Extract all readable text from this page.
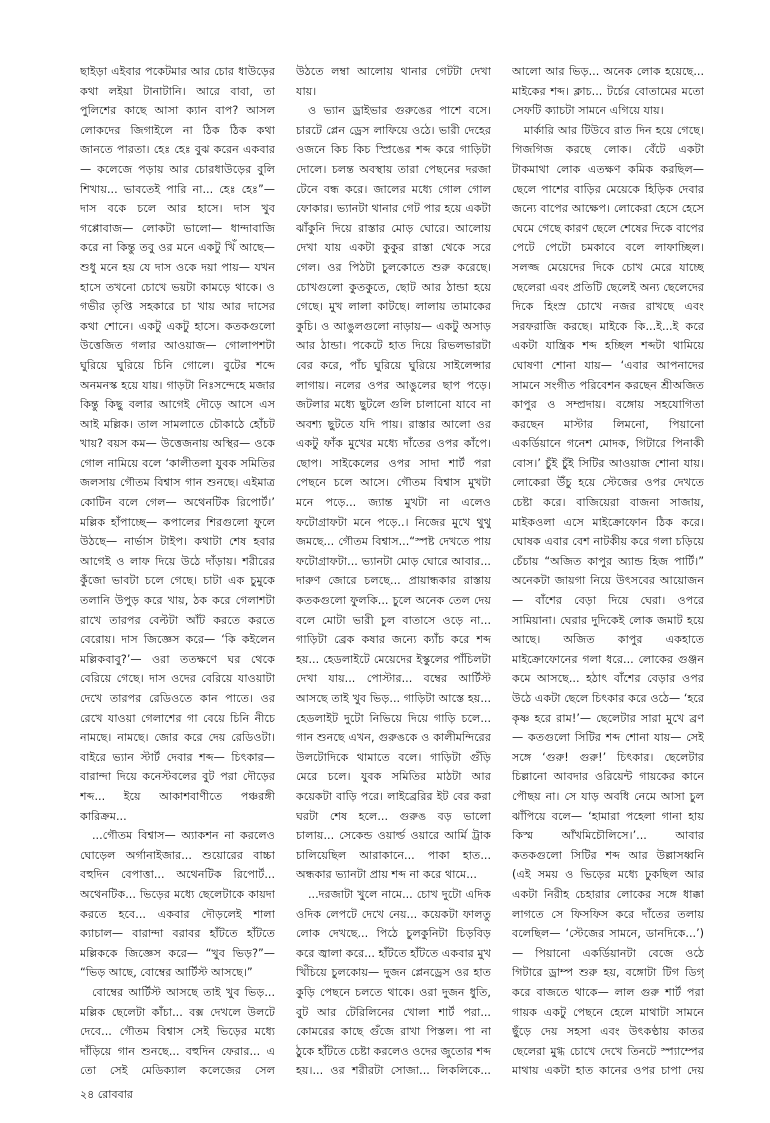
ছাইড়া এইবার পকেটমার আর চোর ধাউড়ের কথা লইয়া টানাটানি। আরে বাবা, তা পুলিশের কাছে আসা ক্যান বাপ? আসল লোকদের জিগাইলে না ঠিক ঠিক কথা জানতে পারতা। হেঃ হেঃ বুঝ করেন একবার— কলেজে পড়ায় আর চোরধাউড়ের বুলি শিখায়... ভাবতেই পারি না... হেঃ হেঃ”— দাস বকে চলে আর হাসে। দাস খুব গপ্পোবাজ— লোকটা ভালো— ধান্দাবাজি করে না কিন্তু তবু ওর মনে একটু খিঁ আছে— শুধু মনে হয় যে দাস ওকে দয়া পায়— যখন হাসে তখনো চোখে ভয়টা কামড়ে থাকে। ও গভীর তৃপ্তি সহকারে চা খায় আর দাসের কথা শোনে। একটু একটু হাসে। কতকগুলো উত্তেজিত গলার আওয়াজ— গোলাপশটা ঘুরিয়ে ঘুরিয়ে চিনি গোলে। বুটের শব্দে অনমনস্ক হয়ে যায়। গাড়টা নিঃসন্দেহে মজার কিন্তু কিছু বলার আগেই দৌড়ে আসে এস আই মল্লিক। তাল সামলাতে চৌকাঠে হোঁচট খায়? বয়স কম— উত্তেজনায় অস্থির— ওকে গোল নামিয়ে বলে ‘কালীতলা যুবক সমিতির জলসায় গৌতম বিশ্বাস গান শুনছে। এইমাত্র কোটিন বলে গেল— অথেনটিক রিপোর্ট।’ মল্লিক হাঁপাচ্ছে— কপালের শিরগুলো ফুলে উঠছে— নার্ভাস টাইপ। কথাটা শেষ হবার আগেই ও লাফ দিয়ে উঠে দাঁড়ায়। শরীরের কুঁজো ভাবটা চলে গেছে। চাটা এক চুমুকে তলানি উপুড় করে খায়, ঠক করে গেলাশটা রাখে তারপর বেল্টটা আঁট করতে করতে বেরোয়। দাস জিজ্ঞেস করে— ‘কি কইলেন মল্লিকবাবু?’— ওরা ততক্ষণে ঘর থেকে বেরিয়ে গেছে। দাস ওদের বেরিয়ে যাওয়াটা দেখে তারপর রেডিওতে কান পাতে। ওর রেখে যাওয়া গেলাশের গা বেয়ে চিনি নীচে নামছে। নামছে। জোর করে দেয় রেডিওটা। বাইরে ভ্যান স্টার্ট দেবার শব্দ— চিৎকার— বারান্দা দিয়ে কনেস্টবলের বুট পরা দৌড়ের শব্দ... ইয়ে আকাশবাণীতে পঞ্চরঙ্গী কারিক্রম...

...গৌতম বিশ্বাস— অ্যাকশন না করলেও ঘোড়েল অর্গানাইজার... শুয়োরের বাচ্চা বহুদিন বেপাত্তা... অথেনটিক রিপোর্ট... অথেনটিক... ভিড়ের মধ্যে ছেলেটাকে কায়দা করতে হবে... একবার দৌড়লেই শালা ক্যাচাল— বারান্দা বরাবর হাঁটতে হাঁটতে মল্লিককে জিজ্ঞেস করে— “খুব ভিড়?”— “ভিড় আছে, বোম্বের আর্টিস্ট আসছে।”

বোম্বের আর্টিস্ট আসছে তাই খুব ভিড়... মল্লিক ছেলেটা কাঁচা... বক্স দেখলে উলটে দেবে... গৌতম বিশ্বাস সেই ভিড়ের মধ্যে দাঁড়িয়ে গান শুনছে... বহুদিন ফেরার... এ তো সেই মেডিক্যাল কলেজের সেল

উঠতে লম্বা আলোয় থানার গেটটা দেখা যায়।

ও ভ্যান ড্রাইভার গুরুঙের পাশে বসে। চারটে প্লেন ড্রেস লাফিয়ে ওঠে। ভারী দেহের ওজনে কিচ কিচ স্প্রিঙের শব্দ করে গাড়িটা দোলে। চলন্ত অবস্থায় তারা পেছনের দরজা টেনে বন্ধ করে। জালের মধ্যে গোল গোল ফোকার। ভ্যানটা থানার গেট পার হয়ে একটা ঝাঁকুনি দিয়ে রাস্তার মোড় ঘোরে। আলোয় দেখা যায় একটা কুকুর রাস্তা থেকে সরে গেল। ওর পিঠটা চুলকোতে শুরু করেছে। চোখগুলো কুতকুতে, ছোট আর ঠান্ডা হয়ে গেছে। মুখ লালা কাটছে। লালায় তামাকের কুচি। ও আঙুলগুলো নাড়ায়— একটু অসাড় আর ঠান্ডা। পকেটে হাত দিয়ে রিভলভারটা বের করে, পাঁচ ঘুরিয়ে ঘুরিয়ে সাইলেন্সার লাগায়। নলের ওপর আঙুলের ছাপ পড়ে। জটলার মধ্যে ছুটলে গুলি চালানো যাবে না অবশ্য ছুটতে যদি পায়। রাস্তার আলো ওর একটু ফাঁক মুখের মধ্যে দাঁতের ওপর কাঁপে। ছোপ। সাইকেলের ওপর সাদা শার্ট পরা পেছনে চলে আসে। গৌতম বিশ্বাস মুখটা মনে পড়ে... জ্যান্ত মুখটা না এলেও ফটোগ্রাফটা মনে পড়ে..। নিজের মুখে থুথু জমছে... গৌতম বিশ্বাস...“স্পষ্ট দেখতে পায় ফটোগ্রাফটা... ভ্যানটা মোড় ঘোরে আবার... দারুণ জোরে চলছে... প্রায়ান্ধকার রাস্তায় কতকগুলো ফুলকি... চুলে অনেক তেল দেয় বলে মোটা ভারী চুল বাতাসে ওড়ে না... গাড়িটা ব্রেক কষার জন্যে ক্যাঁচ করে শব্দ হয়... হেডলাইটে মেয়েদের ইস্কুলের পাঁচিলটা দেখা যায়... পোস্টার... বম্বের আর্টিস্ট আসছে তাই খুব ভিড়... গাড়িটা আস্তে হয়... হেডলাইট দুটো নিভিয়ে দিয়ে গাড়ি চলে... গান শুনছে এখন, গুরুঙকে ও কালীমন্দিরের উলটোদিকে থামাতে বলে। গাড়িটা গুঁড়ি মেরে চলে। যুবক সমিতির মাঠটা আর কয়েকটা বাড়ি পরে। লাইব্রেরির ইট বের করা ঘরটা শেষ হলে... গুরুঙ বড় ভালো চালায়... সেকেন্ড ওয়ার্ল্ড ওয়ারে আর্মি ট্রাক চালিয়েছিল আরাকানে... পাকা হাত... অন্ধকার ভ্যানটা প্রায় শব্দ না করে থামে...

...দরজাটা খুলে নামে... চোখ দুটো এদিক ওদিক লেপটে দেখে নেয়... কয়েকটা ফালতু লোক দেখছে... পিঠে চুলকুনিটা চিড়বিড় করে জ্বালা করে... হাঁটতে হাঁটতে একবার মুখ খিঁচিয়ে চুলকোয়— দুজন প্লেনড্রেস ওর হাত কুড়ি পেছনে চলতে থাকে। ওরা দুজন ধুতি, বুট আর টেরিলিনের খোলা শার্ট পরা... কোমরের কাছে গুঁজে রাখা পিস্তল। পা না ঠুকে হাঁটতে চেষ্টা করলেও ওদের জুতোর শব্দ হয়।... ওর শরীরটা সোজা... লিকলিকে...

আলো আর ভিড়... অনেক লোক হয়েছে... মাইকের শব্দ। ক্লাচ... টর্চের বোতামের মতো সেফটি ক্যাচটা সামনে এগিয়ে যায়।

মার্কারি আর টিউবে রাত দিন হয়ে গেছে। গিজগিজ করছে লোক। বেঁটে একটা টাকমাথা লোক এতক্ষণ কমিক করছিল— ছেলে পাশের বাড়ির মেয়েকে হিড়িক দেবার জন্যে বাপের আক্ষেপ। লোকেরা হেসে হেসে ঘেমে গেছে কারণ ছেলে শেষের দিকে বাপের পেটে পেটো চমকাবে বলে লাফাচ্ছিল। সলজ্জ মেয়েদের দিকে চোখ মেরে যাচ্ছে ছেলেরা এবং প্রতিটি ছেলেই অন্য ছেলেদের দিকে হিংস্র চোখে নজর রাখছে এবং সরফরাজি করছে। মাইকে কি...ই...ই করে একটা যান্ত্রিক শব্দ হচ্ছিল শব্দটা থামিয়ে ঘোষণা শোনা যায়— ‘এবার আপনাদের সামনে সংগীত পরিবেশন করছেন শ্রীঅজিত কাপুর ও সম্প্রদায়। বঙ্গোয় সহযোগিতা করছেন মাস্টার লিমনো, পিয়ানো একর্ডিয়ানে গনেশ মোদক, গিটারে পিনাকী বোস।’ চুঁই চুঁই সিটির আওয়াজ শোনা যায়। লোকেরা উঁচু হয়ে স্টেজের ওপর দেখতে চেষ্টা করে। বাজিয়েরা বাজনা সাজায়, মাইকওলা এসে মাইক্রোফোন ঠিক করে। ঘোষক এবার বেশ নাটকীয় করে গলা চড়িয়ে চেঁচায় “অজিত কাপুর অ্যান্ড হিজ পার্টি।” অনেকটা জায়গা নিয়ে উৎসবের আয়োজন— বাঁশের বেড়া দিয়ে ঘেরা। ওপরে সামিয়ানা। ঘেরার দুদিকেই লোক জমাট হয়ে আছে। অজিত কাপুর একহাতে মাইক্রোফোনের গলা ধরে... লোকের গুঞ্জন কমে আসছে... হঠাৎ বাঁশের বেড়ার ওপর উঠে একটা ছেলে চিৎকার করে ওঠে— ‘হরে কৃষ্ণ হরে রাম!’— ছেলেটার সারা মুখে ব্রণ— কতগুলো সিটির শব্দ শোনা যায়— সেই সঙ্গে ‘গুরু! গুরু!’ চিৎকার। ছেলেটার চিল্লানো আবদার ওরিয়েন্ট গায়কের কানে পৌছয় না। সে যাড় অবধি নেমে আসা চুল ঝাঁপিয়ে বলে— ‘হামারা পহেলা গানা হায় কিস্ম আঁখমিচৌলিসে।’... আবার কতকগুলো সিটির শব্দ আর উল্লাসধ্বনি (এই সময় ও ভিড়ের মধ্যে ঢুকছিল আর একটা নিরীহ চেহারার লোকের সঙ্গে ধাক্কা লাগতে সে ফিসফিস করে দাঁতের তলায় বলেছিল— ‘স্টেজের সামনে, ডানদিকে...’)— পিয়ানো একর্ডিয়ানটা বেজে ওঠে গিটারে ড্রাম্প শুরু হয়, বঙ্গোটা টিগ ডিগ্ করে বাজতে থাকে— লাল গুরু শার্ট পরা গায়ক একটু পেছনে হেলে মাথাটা সামনে ছুঁড়ে দেয় সহসা এবং উৎকণ্ঠায় কাতর ছেলেরা মুগ্ধ চোখে দেখে তিনটে স্প্যাম্পের মাথায় একটা হাত কানের ওপর চাপা দেয়

২৪ রোববার
